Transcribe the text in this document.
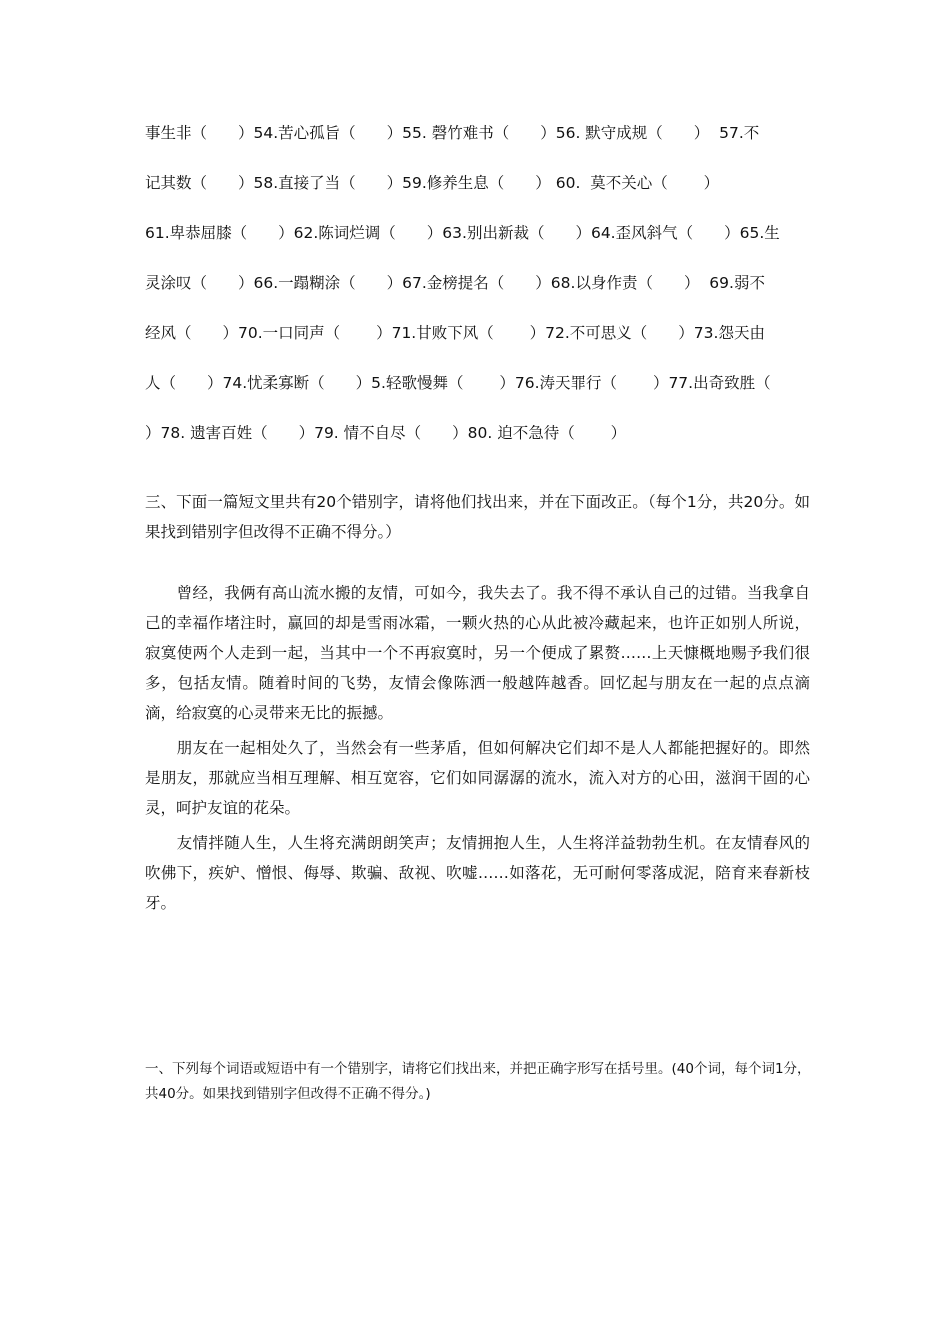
事生非（　　）54.苦心孤旨（　　）55. 磬竹难书（　　）56. 默守成规（　　）  57.不
记其数（　　）58.直接了当（　　）59.修养生息（　　） 60.  莫不关心（　　 ）
61.卑恭屈膝（　　）62.陈词烂调（　　）63.别出新裁（　　）64.歪风斜气（　　）65.生
灵涂叹（　　）66.一蹋糊涂（　　）67.金榜提名（　　）68.以身作责（　　）  69.弱不
经风（　　）70.一口同声（　　 ）71.甘败下风（　　 ）72.不可思义（　　）73.怨天由
人（　　）74.忧柔寡断（　　）5.轻歌慢舞（　　 ）76.涛天罪行（　　 ）77.出奇致胜（
）78. 遗害百姓（　　）79. 情不自尽（　　）80. 迫不急待（　　 ）
三、下面一篇短文里共有20个错别字，请将他们找出来，并在下面改正。（每个1分，共20分。如果找到错别字但改得不正确不得分。）

　　曾经，我俩有高山流水搬的友情，可如今，我失去了。我不得不承认自己的过错。当我拿自己的幸福作堵注时，赢回的却是雪雨冰霜，一颗火热的心从此被冷藏起来，也许正如别人所说，寂寞使两个人走到一起，当其中一个不再寂寞时，另一个便成了累赘……上天慷概地赐予我们很多，包括友情。随着时间的飞势，友情会像陈洒一般越阵越香。回忆起与朋友在一起的点点滴滴，给寂寞的心灵带来无比的振撼。

　　朋友在一起相处久了，当然会有一些茅盾，但如何解决它们却不是人人都能把握好的。即然是朋友，那就应当相互理解、相互宽容，它们如同潺潺的流水，流入对方的心田，滋润干固的心灵，呵护友谊的花朵。

　　友情拌随人生，人生将充满朗朗笑声；友情拥抱人生，人生将洋益勃勃生机。在友情春风的吹佛下，疾妒、憎恨、侮辱、欺骗、敌视、吹嘘……如落花，无可耐何零落成泥，陪育来春新枝牙。

一、下列每个词语或短语中有一个错别字，请将它们找出来，并把正确字形写在括号里。(40个词，每个词1分，共40分。如果找到错别字但改得不正确不得分。)
